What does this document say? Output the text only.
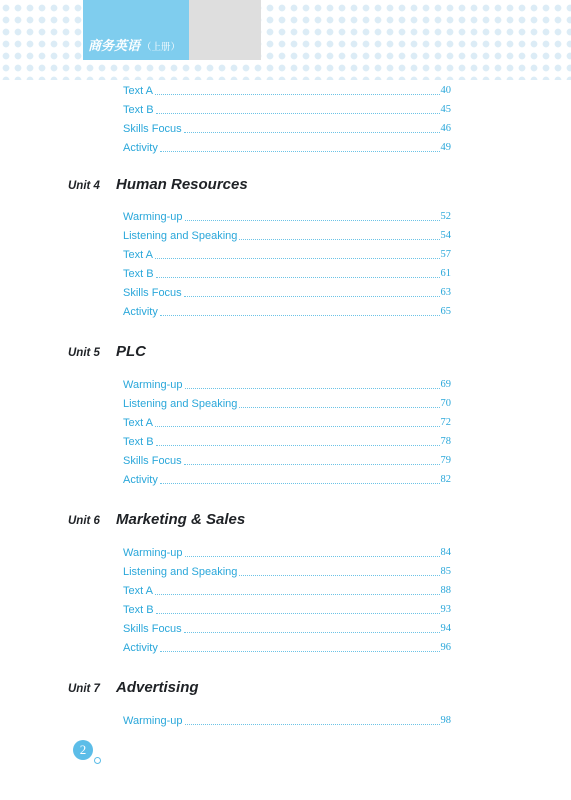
商务英语 （上册）
Text A	40
Text B	45
Skills Focus	46
Activity	49
Unit 4	Human Resources
Warming-up	52
Listening and Speaking	54
Text A	57
Text B	61
Skills Focus	63
Activity	65
Unit 5	PLC
Warming-up	69
Listening and Speaking	70
Text A	72
Text B	78
Skills Focus	79
Activity	82
Unit 6	Marketing & Sales
Warming-up	84
Listening and Speaking	85
Text A	88
Text B	93
Skills Focus	94
Activity	96
Unit 7	Advertising
Warming-up	98
2
